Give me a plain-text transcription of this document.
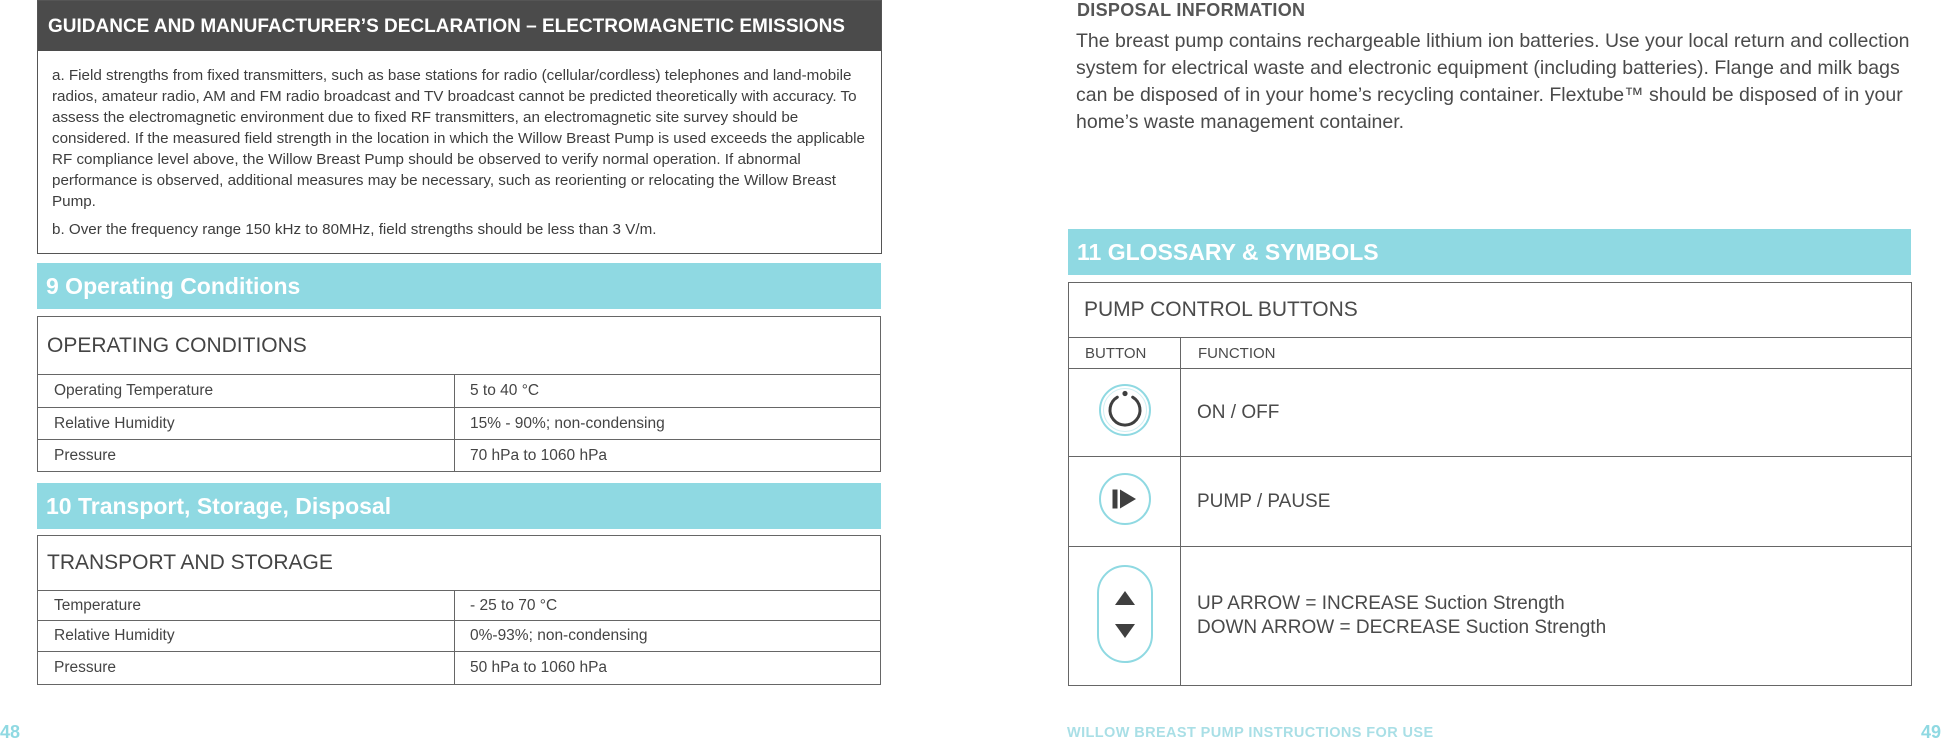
GUIDANCE AND MANUFACTURER’S DECLARATION – ELECTROMAGNETIC EMISSIONS

a. Field strengths from fixed transmitters, such as base stations for radio (cellular/cordless) telephones and land-mobile radios, amateur radio, AM and FM radio broadcast and TV broadcast cannot be predicted theoretically with accuracy. To assess the electromagnetic environment due to fixed RF transmitters, an electromagnetic site survey should be considered. If the measured field strength in the location in which the Willow Breast Pump is used exceeds the applicable RF compliance level above, the Willow Breast Pump should be observed to verify normal operation. If abnormal performance is observed, additional measures may be necessary, such as reorienting or relocating the Willow Breast Pump.

b. Over the frequency range 150 kHz to 80MHz, field strengths should be less than 3 V/m.

9 Operating Conditions
OPERATING CONDITIONS	
Operating Temperature	5 to 40 °C
Relative Humidity	15% - 90%; non-condensing
Pressure	70 hPa to 1060 hPa
10 Transport, Storage, Disposal
TRANSPORT AND STORAGE	
Temperature	- 25 to 70 °C
Relative Humidity	0%-93%; non-condensing
Pressure	50 hPa to 1060 hPa
48
DISPOSAL INFORMATION
The breast pump contains rechargeable lithium ion batteries. Use your local return and collection system for electrical waste and electronic equipment (including batteries). Flange and milk bags can be disposed of in your home’s recycling container. Flextube™ should be disposed of in your home’s waste management container.
11 GLOSSARY & SYMBOLS
PUMP CONTROL BUTTONS	
BUTTON	FUNCTION
	ON / OFF
	PUMP / PAUSE

UP ARROW = INCREASE Suction Strength
DOWN ARROW = DECREASE Suction Strength
WILLOW BREAST PUMP INSTRUCTIONS FOR USE	49
